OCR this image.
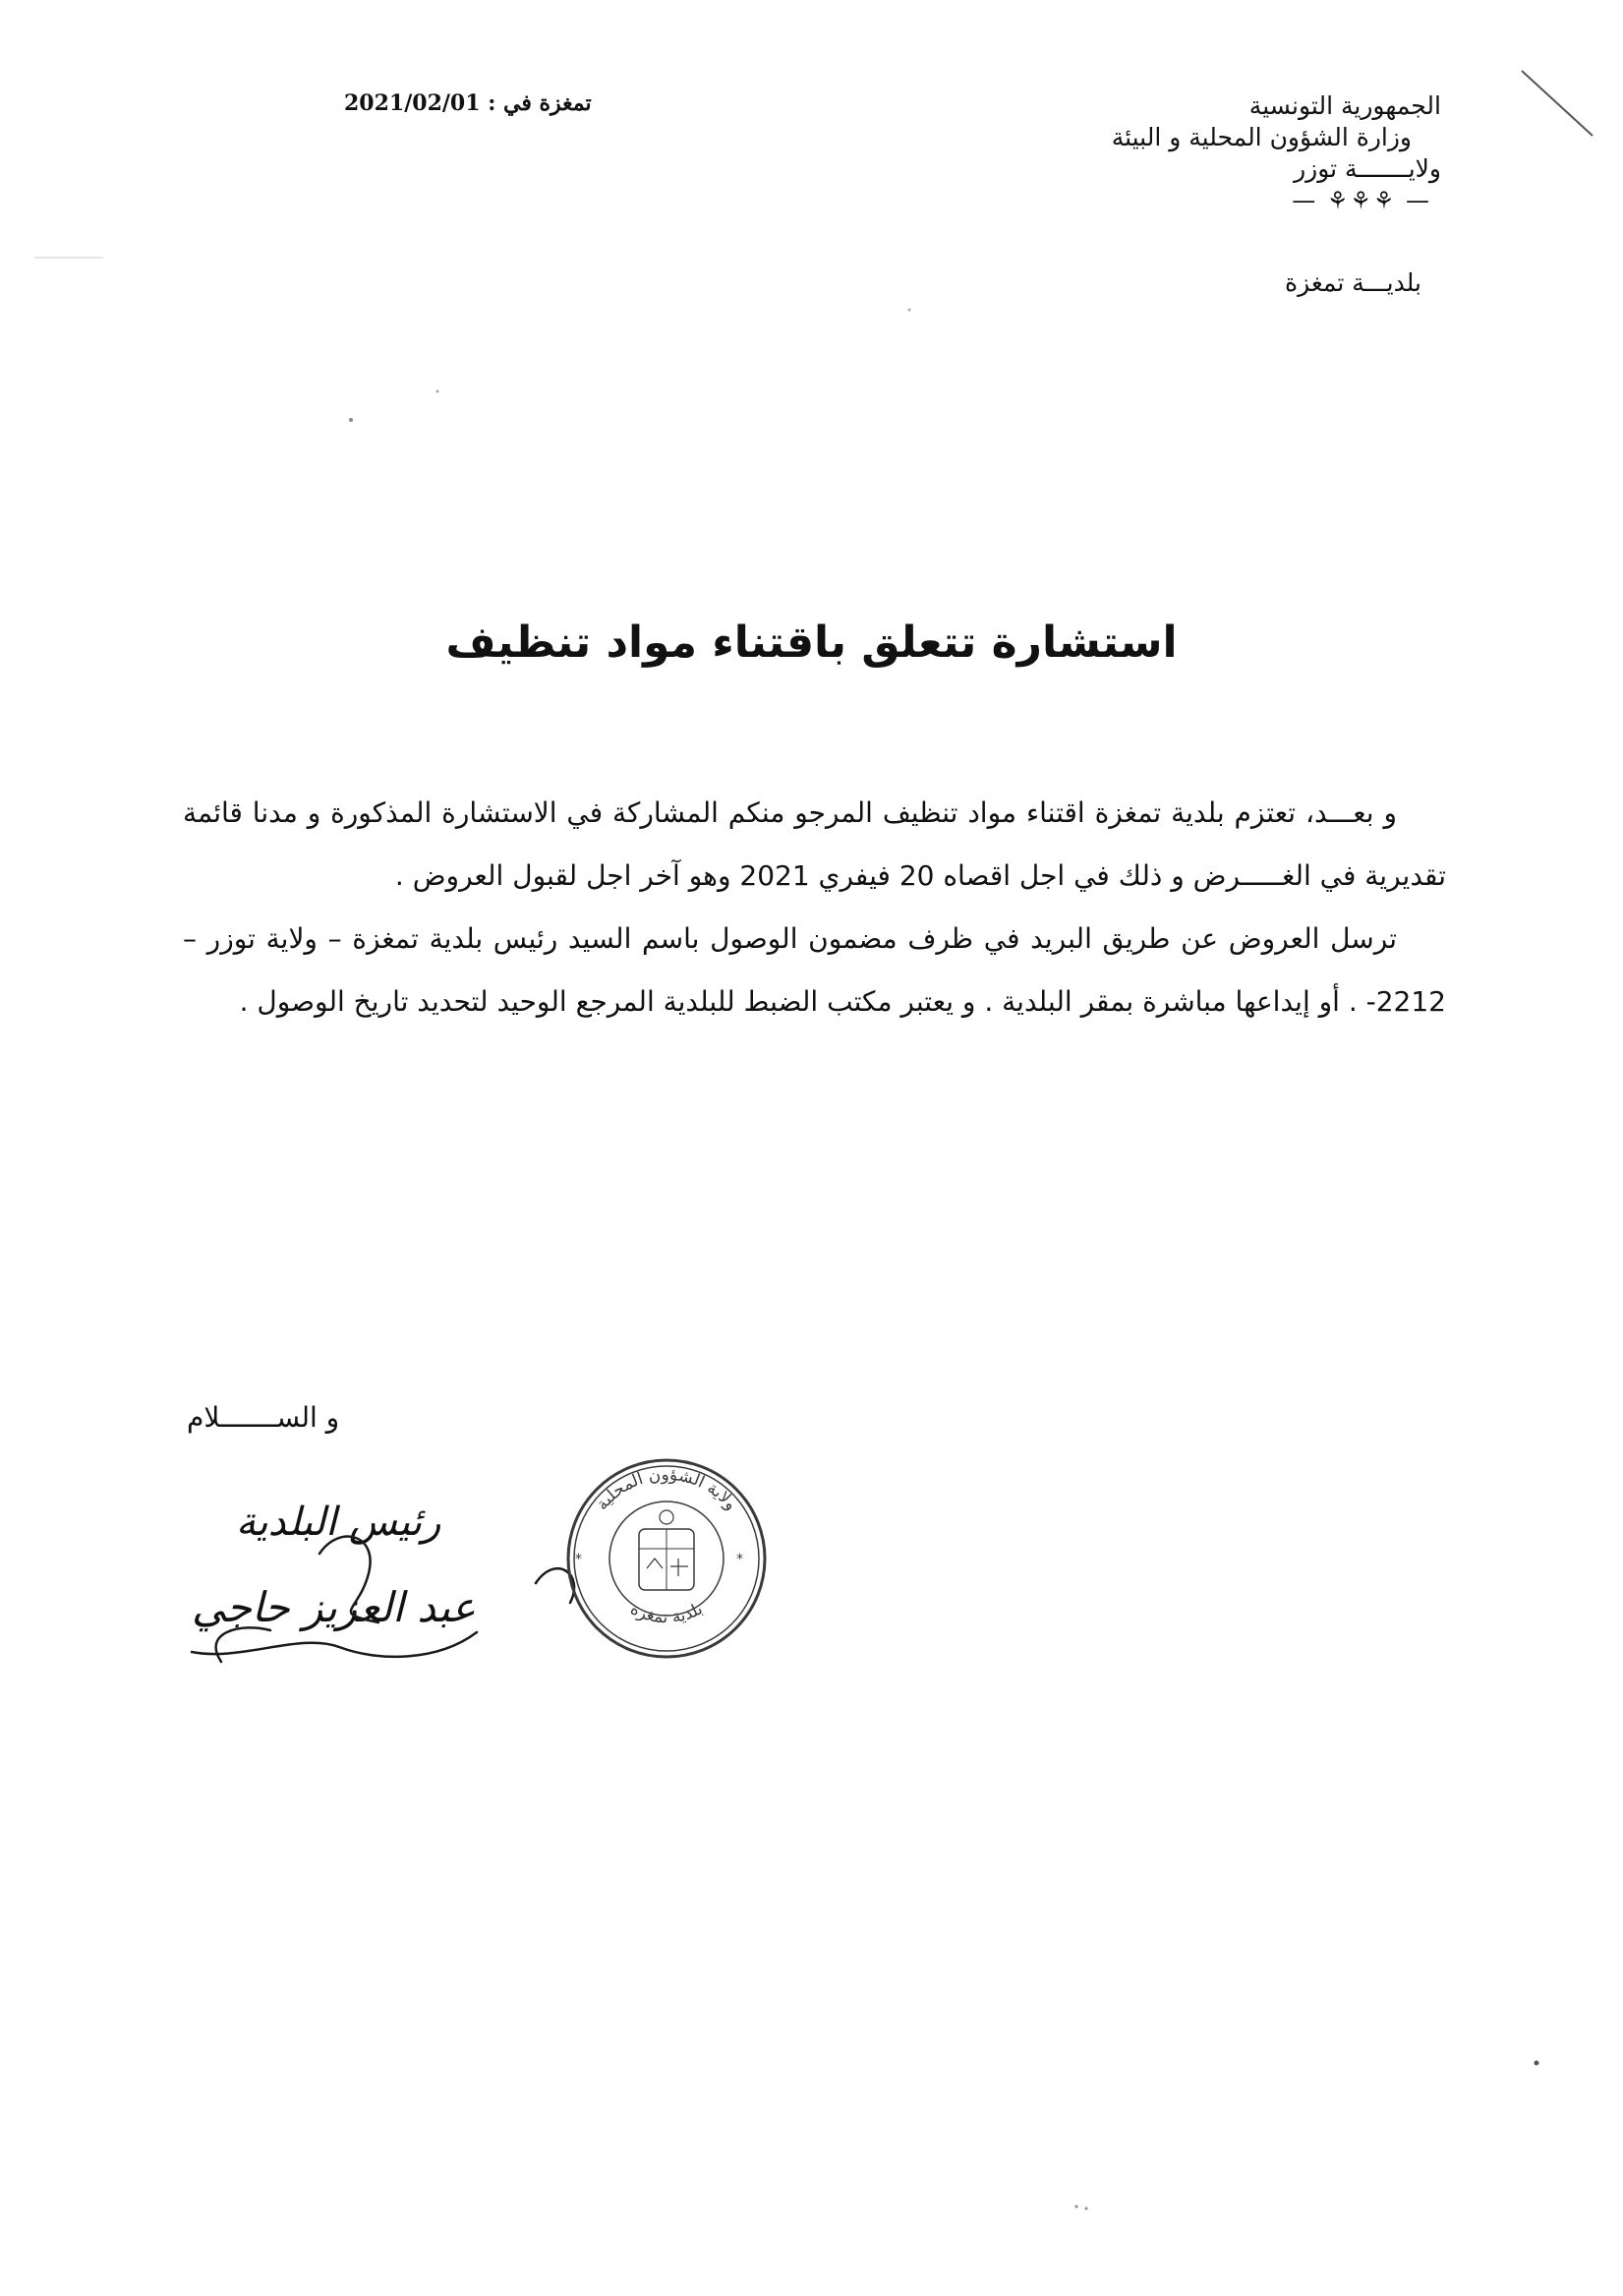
الجمهورية التونسية
وزارة الشؤون المحلية و البيئة
ولايـــــــة توزر
— ⚘⚘⚘ —
بلديـــة تمغزة
تمغزة في : 2021/02/01
استشارة تتعلق باقتناء مواد تنظيف

و بعـــد، تعتزم بلدية تمغزة اقتناء مواد تنظيف المرجو منكم المشاركة في الاستشارة المذكورة و مدنا قائمة تقديرية في الغـــــرض و ذلك في اجل اقصاه 20 فيفري 2021 وهو آخر اجل لقبول العروض .

ترسل العروض عن طريق البريد في ظرف مضمون الوصول باسم السيد رئيس بلدية تمغزة – ولاية توزر –2212- . أو إيداعها مباشرة بمقر البلدية . و يعتبر مكتب الضبط للبلدية المرجع الوحيد لتحديد تاريخ الوصول .

و الســـــــلام
رئيس البلدية
عبد العزيز حاجي
ولاية الشؤون المحلية
بلدية تمغزة
*	*
